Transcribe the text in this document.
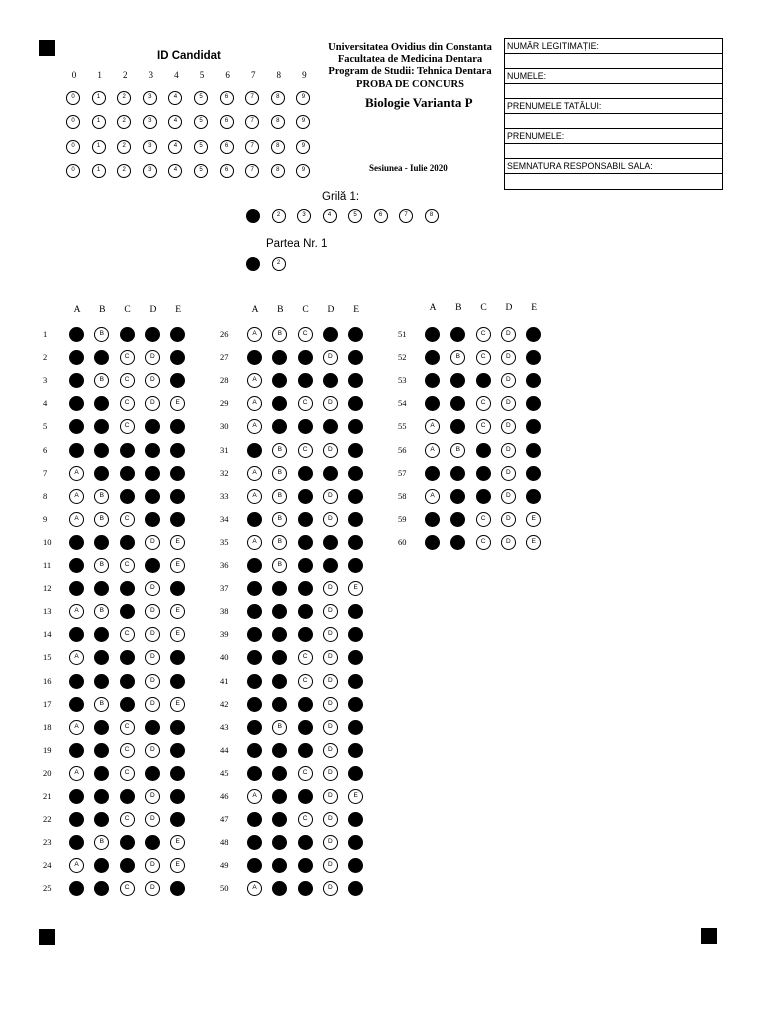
ID Candidat
0	1	2	3	4	5	6	7	8	9
0	1	2	3	4	5	6	7	8	9
0	1	2	3	4	5	6	7	8	9
0	1	2	3	4	5	6	7	8	9
0	1	2	3	4	5	6	7	8	9
Universitatea Ovidius din Constanta
Facultatea de Medicina Dentara
Program de Studii: Tehnica Dentara
PROBA DE CONCURS
Biologie Varianta P
Sesiunea - Iulie 2020
NUMĂR LEGITIMAȚIE:
NUMELE:
PRENUMELE TATĂLUI:
PRENUMELE:
SEMNATURA RESPONSABIL SALA:
Grilă 1:
1	2	3	4	5	6	7	8
Partea Nr. 1
1	2
A	B	C	D	E
1	A	B	C	D	E
2	A	B	C	D	E
3	A	B	C	D	E
4	A	B	C	D	E
5	A	B	C	D	E
6	A	B	C	D	E
7	A	B	C	D	E
8	A	B	C	D	E
9	A	B	C	D	E
10	A	B	C	D	E
11	A	B	C	D	E
12	A	B	C	D	E
13	A	B	C	D	E
14	A	B	C	D	E
15	A	B	C	D	E
16	A	B	C	D	E
17	A	B	C	D	E
18	A	B	C	D	E
19	A	B	C	D	E
20	A	B	C	D	E
21	A	B	C	D	E
22	A	B	C	D	E
23	A	B	C	D	E
24	A	B	C	D	E
25	A	B	C	D	E
A	B	C	D	E
26	A	B	C	D	E
27	A	B	C	D	E
28	A	B	C	D	E
29	A	B	C	D	E
30	A	B	C	D	E
31	A	B	C	D	E
32	A	B	C	D	E
33	A	B	C	D	E
34	A	B	C	D	E
35	A	B	C	D	E
36	A	B	C	D	E
37	A	B	C	D	E
38	A	B	C	D	E
39	A	B	C	D	E
40	A	B	C	D	E
41	A	B	C	D	E
42	A	B	C	D	E
43	A	B	C	D	E
44	A	B	C	D	E
45	A	B	C	D	E
46	A	B	C	D	E
47	A	B	C	D	E
48	A	B	C	D	E
49	A	B	C	D	E
50	A	B	C	D	E
A	B	C	D	E
51	A	B	C	D	E
52	A	B	C	D	E
53	A	B	C	D	E
54	A	B	C	D	E
55	A	B	C	D	E
56	A	B	C	D	E
57	A	B	C	D	E
58	A	B	C	D	E
59	A	B	C	D	E
60	A	B	C	D	E
